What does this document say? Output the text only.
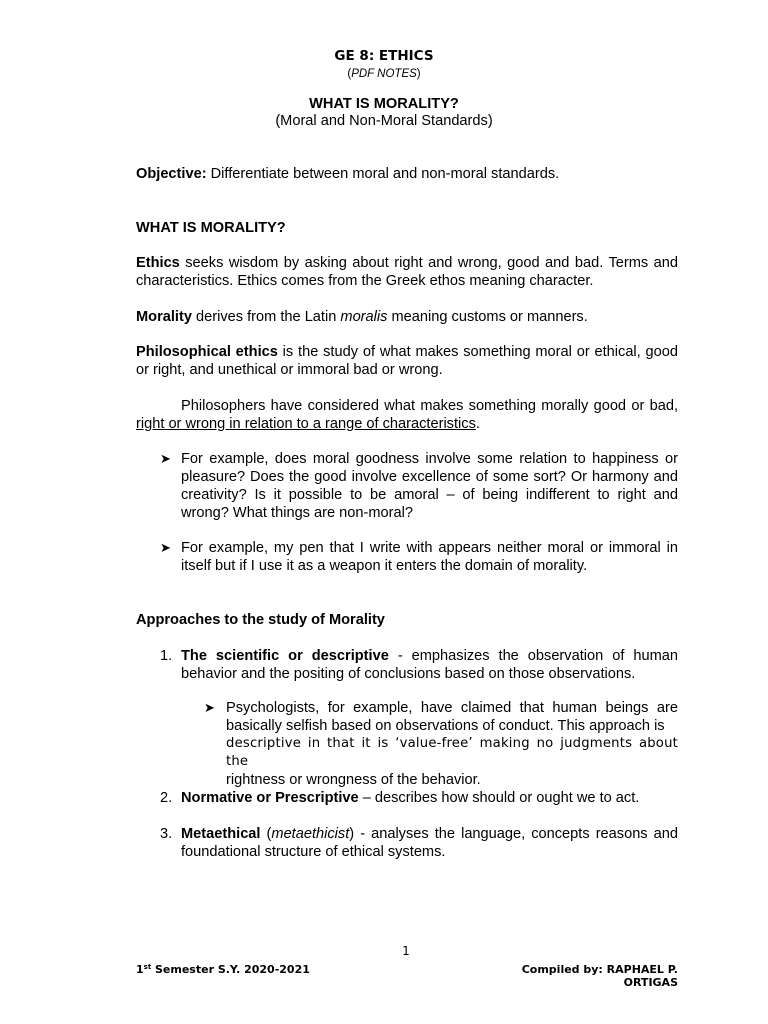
GE 8: ETHICS
(PDF NOTES)
WHAT IS MORALITY?
(Moral and Non-Moral Standards)
Objective: Differentiate between moral and non-moral standards.
WHAT IS MORALITY?
Ethics seeks wisdom by asking about right and wrong, good and bad. Terms and characteristics. Ethics comes from the Greek ethos meaning character.
Morality derives from the Latin moralis meaning customs or manners.
Philosophical ethics is the study of what makes something moral or ethical, good or right, and unethical or immoral bad or wrong.
Philosophers have considered what makes something morally good or bad, right or wrong in relation to a range of characteristics.
➤ For example, does moral goodness involve some relation to happiness or pleasure? Does the good involve excellence of some sort? Or harmony and creativity? Is it possible to be amoral – of being indifferent to right and wrong? What things are non-moral?
➤ For example, my pen that I write with appears neither moral or immoral in itself but if I use it as a weapon it enters the domain of morality.
Approaches to the study of Morality
1. The scientific or descriptive - emphasizes the observation of human behavior and the positing of conclusions based on those observations.
➤ Psychologists, for example, have claimed that human beings are basically selfish based on observations of conduct. This approach is
descriptive in that it is ‘value-free’ making no judgments about the
rightness or wrongness of the behavior.
2. Normative or Prescriptive – describes how should or ought we to act.
3. Metaethical (metaethicist) - analyses the language, concepts reasons and foundational structure of ethical systems.
1
1st Semester S.Y. 2020-2021	Compiled by: RAPHAEL P. ORTIGAS
